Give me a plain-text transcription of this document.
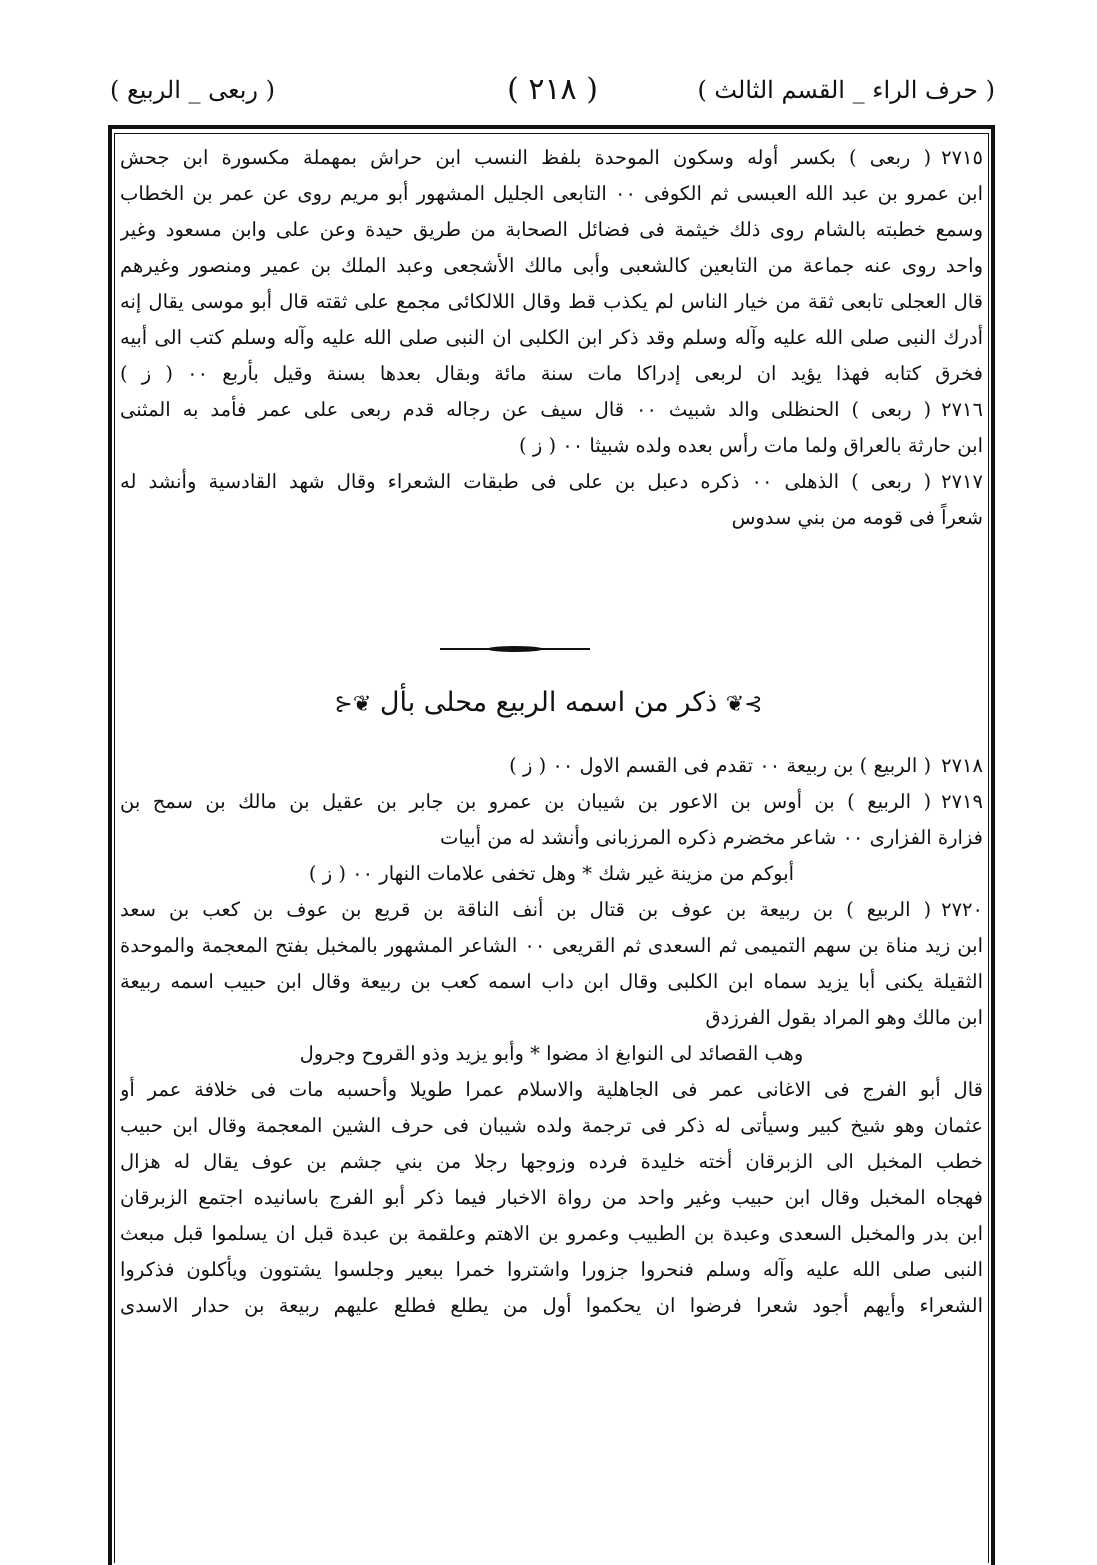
( حرف الراء _ القسم الثالث )
( ٢١٨ )
( ربعى _ الربيع )
٢٧١٥( ربعى ) بكسر أوله وسكون الموحدة بلفظ النسب ابن حراش بمهملة مكسورة ابن جحش
ابن عمرو بن عبد الله العبسى ثم الكوفى ٠٠ التابعى الجليل المشهور أبو مريم روى عن عمر بن الخطاب
وسمع خطبته بالشام روى ذلك خيثمة فى فضائل الصحابة من طريق حيدة وعن على وابن مسعود وغير
واحد روى عنه جماعة من التابعين كالشعبى وأبى مالك الأشجعى وعبد الملك بن عمير ومنصور وغيرهم
قال العجلى تابعى ثقة من خيار الناس لم يكذب قط وقال اللالكائى مجمع على ثقته قال أبو موسى يقال إنه
أدرك النبى صلى الله عليه وآله وسلم وقد ذكر ابن الكلبى ان النبى صلى الله عليه وآله وسلم كتب الى أبيه
فخرق كتابه فهذا يؤيد ان لربعى إدراكا مات سنة مائة وبقال بعدها بسنة وقيل بأربع ٠٠ ( ز )
٢٧١٦( ربعى ) الحنظلى والد شبيث ٠٠ قال سيف عن رجاله قدم ربعى على عمر فأمد به المثنى
ابن حارثة بالعراق ولما مات رأس بعده ولده شبيثا ٠٠ ( ز )
٢٧١٧( ربعى ) الذهلى ٠٠ ذكره دعبل بن على فى طبقات الشعراء وقال شهد القادسية وأنشد له
شعراً فى قومه من بني سدوس
⊱❦ ذكر من اسمه الربيع محلى بأل ❦⊰
٢٧١٨( الربيع ) بن ربيعة ٠٠ تقدم فى القسم الاول ٠٠ ( ز )
٢٧١٩( الربيع ) بن أوس بن الاعور بن شيبان بن عمرو بن جابر بن عقيل بن مالك بن سمح بن
فزارة الفزارى ٠٠ شاعر مخضرم ذكره المرزبانى وأنشد له من أبيات
أبوكم من مزينة غير شك * وهل تخفى علامات النهار ٠٠ ( ز )
٢٧٢٠( الربيع ) بن ربيعة بن عوف بن قتال بن أنف الناقة بن قريع بن عوف بن كعب بن سعد
ابن زيد مناة بن سهم التميمى ثم السعدى ثم القريعى ٠٠ الشاعر المشهور بالمخبل بفتح المعجمة والموحدة
الثقيلة يكنى أبا يزيد سماه ابن الكلبى وقال ابن داب اسمه كعب بن ربيعة وقال ابن حبيب اسمه ربيعة
ابن مالك وهو المراد بقول الفرزدق
وهب القصائد لى النوابغ اذ مضوا * وأبو يزيد وذو القروح وجرول
قال أبو الفرج فى الاغانى عمر فى الجاهلية والاسلام عمرا طويلا وأحسبه مات فى خلافة عمر أو
عثمان وهو شيخ كبير وسيأتى له ذكر فى ترجمة ولده شيبان فى حرف الشين المعجمة وقال ابن حبيب
خطب المخبل الى الزبرقان أخته خليدة فرده وزوجها رجلا من بني جشم بن عوف يقال له هزال
فهجاه المخبل وقال ابن حبيب وغير واحد من رواة الاخبار فيما ذكر أبو الفرج باسانيده اجتمع الزبرقان
ابن بدر والمخبل السعدى وعبدة بن الطبيب وعمرو بن الاهتم وعلقمة بن عبدة قبل ان يسلموا قبل مبعث
النبى صلى الله عليه وآله وسلم فنحروا جزورا واشتروا خمرا ببعير وجلسوا يشتوون ويأكلون فذكروا
الشعراء وأيهم أجود شعرا فرضوا ان يحكموا أول من يطلع فطلع عليهم ربيعة بن حدار الاسدى
